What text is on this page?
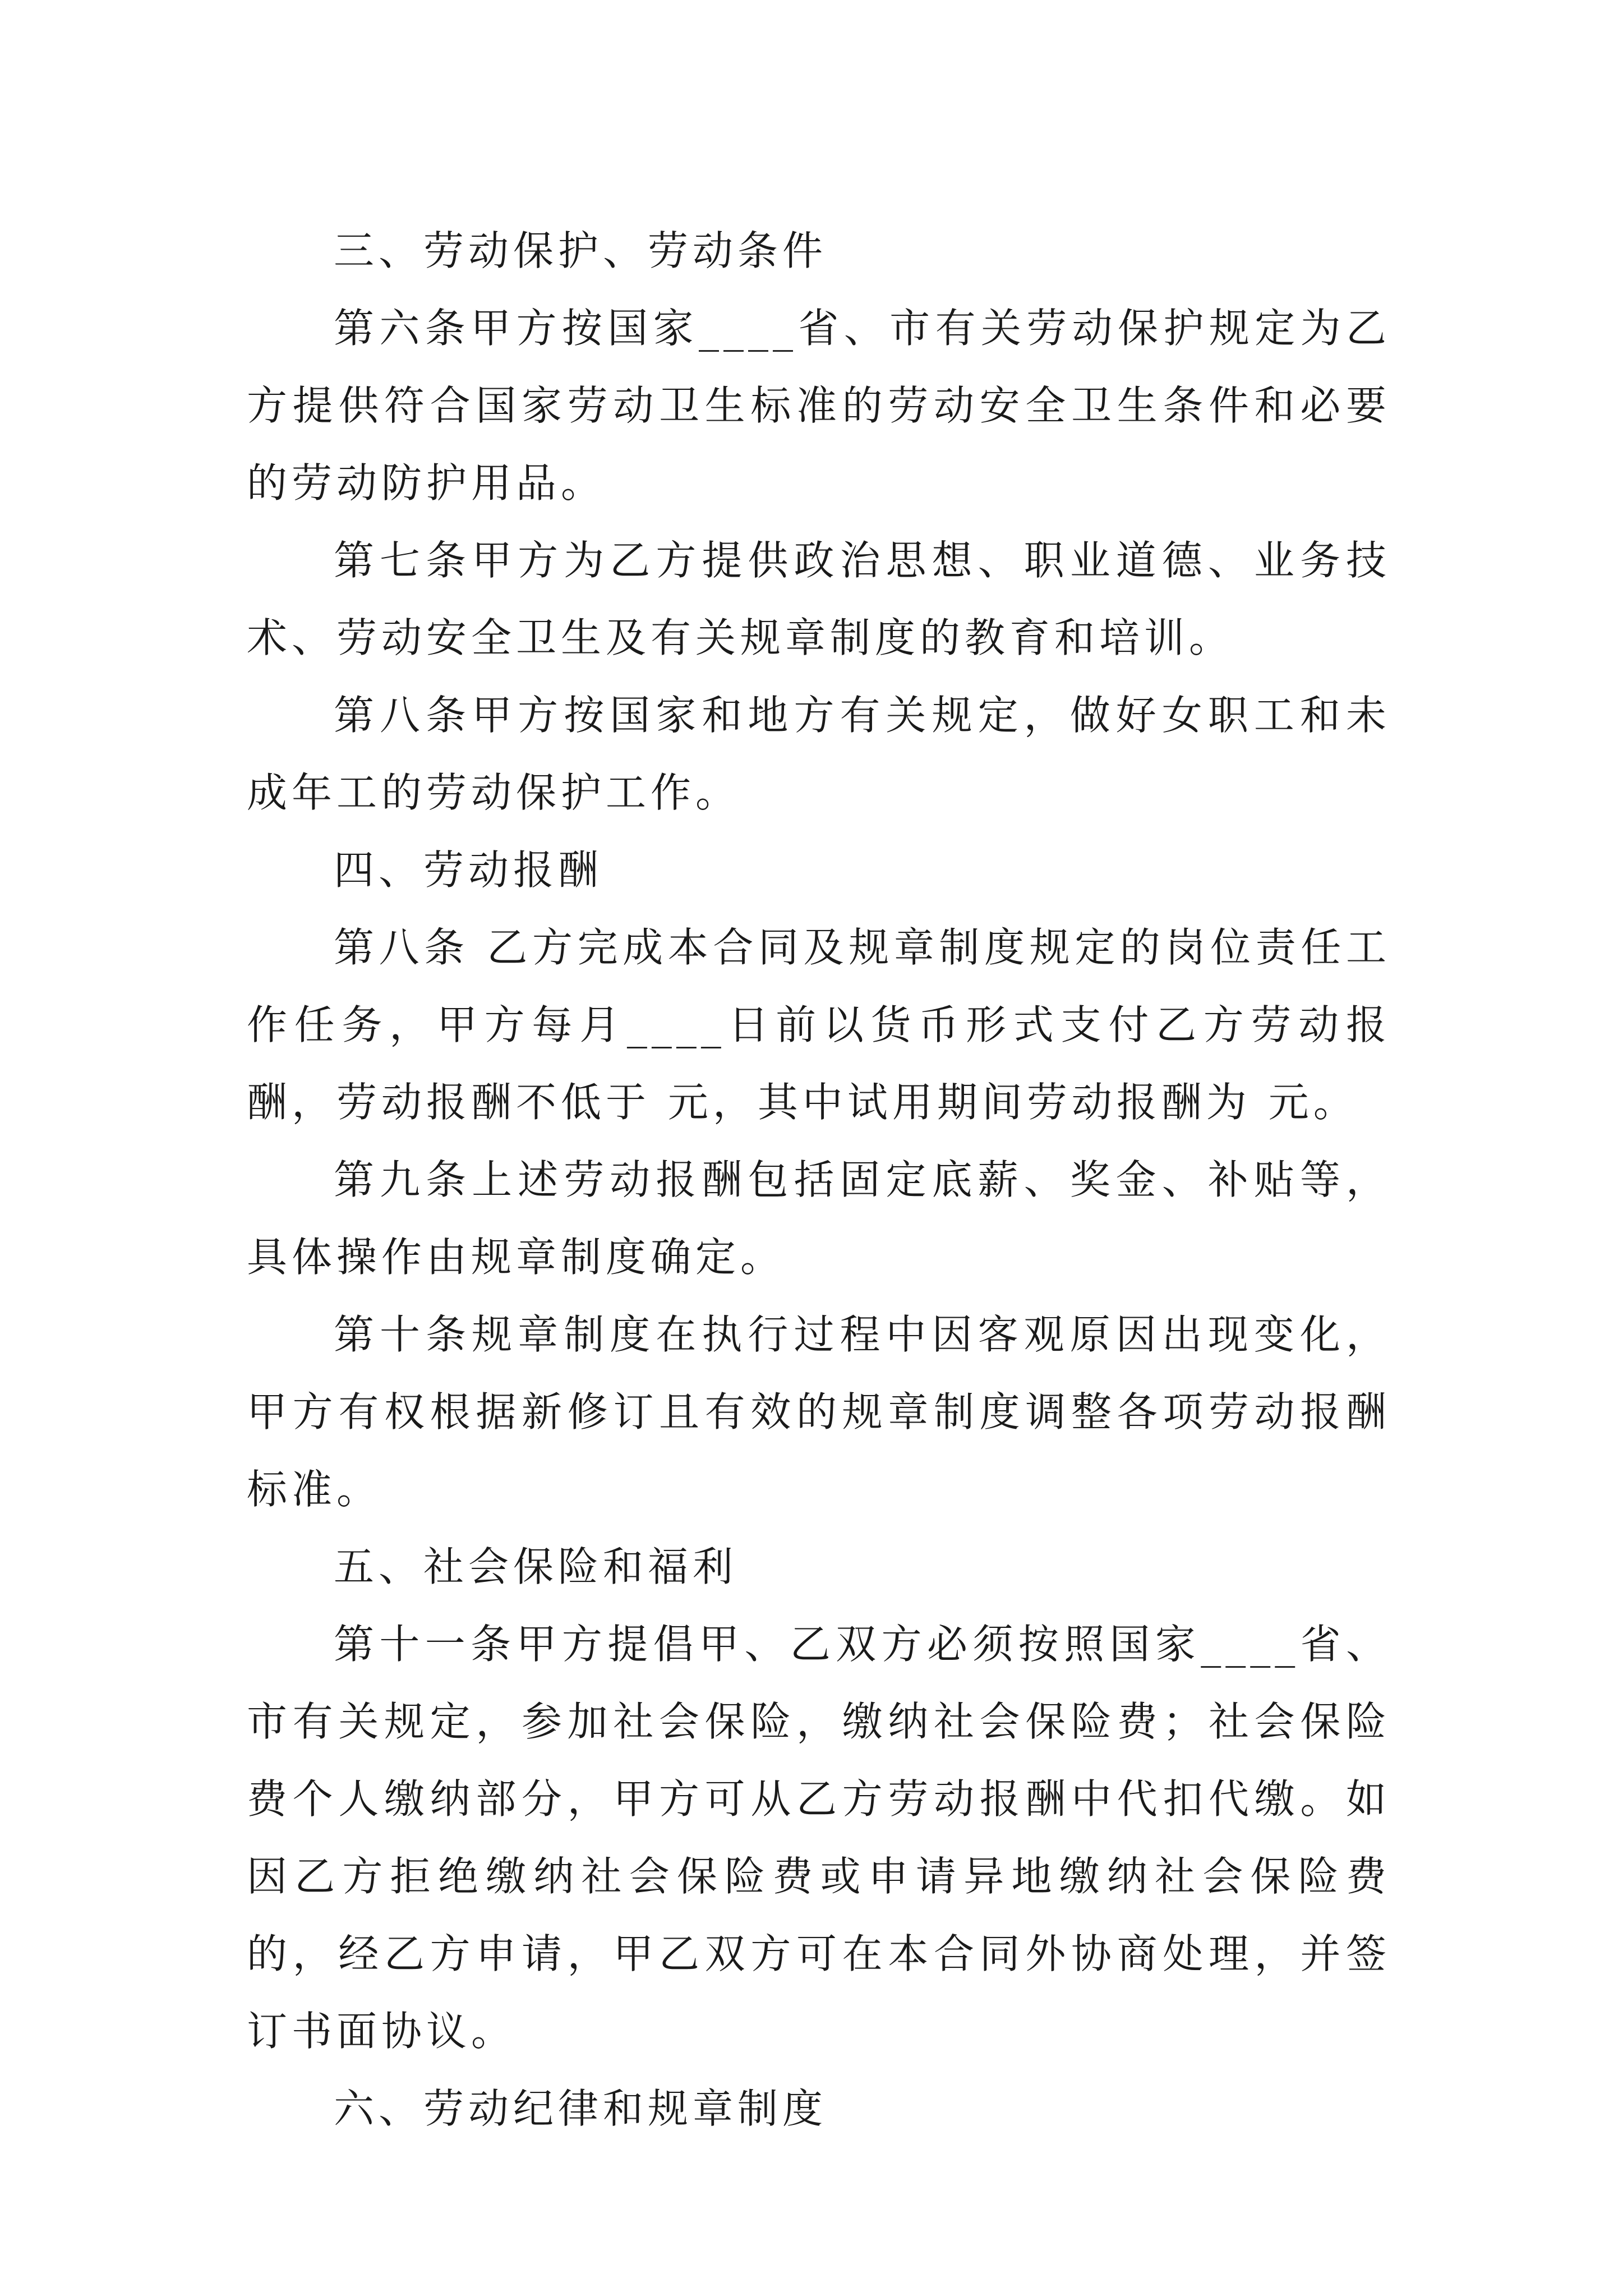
三、劳动保护、劳动条件

第六条甲方按国家____省、市有关劳动保护规定为乙方提供符合国家劳动卫生标准的劳动安全卫生条件和必要的劳动防护用品。

第七条甲方为乙方提供政治思想、职业道德、业务技术、劳动安全卫生及有关规章制度的教育和培训。

第八条甲方按国家和地方有关规定，做好女职工和未成年工的劳动保护工作。

四、劳动报酬

第八条 乙方完成本合同及规章制度规定的岗位责任工作任务，甲方每月____日前以货币形式支付乙方劳动报酬，劳动报酬不低于 元，其中试用期间劳动报酬为 元。

第九条上述劳动报酬包括固定底薪、奖金、补贴等，具体操作由规章制度确定。

第十条规章制度在执行过程中因客观原因出现变化，甲方有权根据新修订且有效的规章制度调整各项劳动报酬标准。

五、社会保险和福利

第十一条甲方提倡甲、乙双方必须按照国家____省、市有关规定，参加社会保险，缴纳社会保险费；社会保险费个人缴纳部分，甲方可从乙方劳动报酬中代扣代缴。如因乙方拒绝缴纳社会保险费或申请异地缴纳社会保险费的，经乙方申请，甲乙双方可在本合同外协商处理，并签订书面协议。

六、劳动纪律和规章制度
